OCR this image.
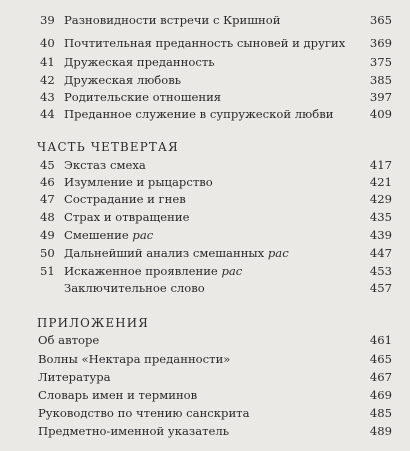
39 Разновидности встречи с Кришной	365
40 Почтительная преданность сыновей и других 369
41 Дружеская преданность	375
42 Дружеская любовь	385
43 Родительские отношения	397
44 Преданное служение в супружеской любви	409
ЧАСТЬ ЧЕТВЕРТАЯ
45 Экстаз смеха	417
46 Изумление и рыцарство	421
47 Сострадание и гнев	429
48 Страх и отвращение	435
49 Смешение рас	439
50 Дальнейший анализ смешанных рас	447
51 Искаженное проявление рас	453
Заключительное слово	457
ПРИЛОЖЕНИЯ
Об авторе	461
Волны «Нектара преданности»	465
Литература	467
Словарь имен и терминов	469
Руководство по чтению санскрита	485
Предметно-именной указатель	489
